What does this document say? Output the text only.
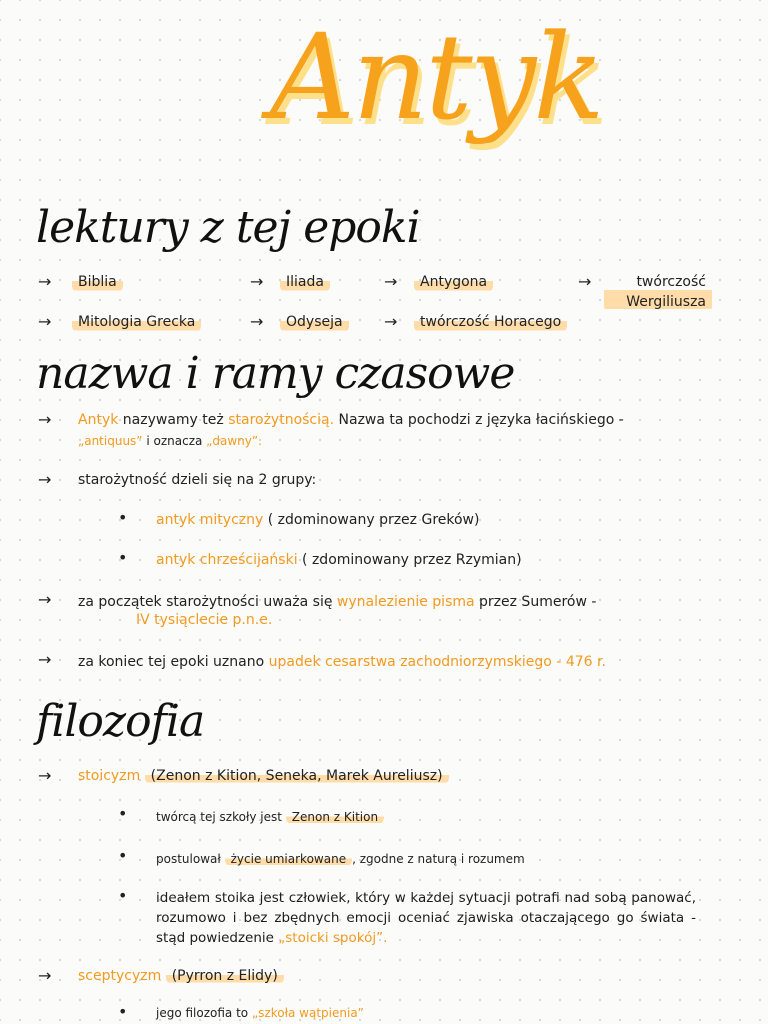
Antyk
lektury z tej epoki
→	Biblia	→	Iliada	→	Antygona	→	twórczość Wergiliusza
→	Mitologia Grecka	→	Odyseja	→	twórczość Horacego
nazwa i ramy czasowe
→ Antyk nazywamy też starożytnością. Nazwa ta pochodzi z języka łacińskiego -
„antiquus” i oznacza „dawny”.
→ starożytność dzieli się na 2 grupy:
• antyk mityczny ( zdominowany przez Greków)
• antyk chrześcijański ( zdominowany przez Rzymian)
→ za początek starożytności uważa się wynalezienie pisma przez Sumerów -
IV tysiąclecie p.n.e.
→ za koniec tej epoki uznano upadek cesarstwa zachodniorzymskiego - 476 r.
filozofia
→ stoicyzm (Zenon z Kition, Seneka, Marek Aureliusz)
• twórcą tej szkoły jest Zenon z Kition
• postulował życie umiarkowane , zgodne z naturą i rozumem
• ideałem stoika jest człowiek, który w każdej sytuacji potrafi nad sobą panować, rozumowo i bez zbędnych emocji oceniać zjawiska otaczającego go świata - stąd powiedzenie „stoicki spokój”.
→ sceptycyzm (Pyrron z Elidy)
• jego filozofia to „szkoła wątpienia”
